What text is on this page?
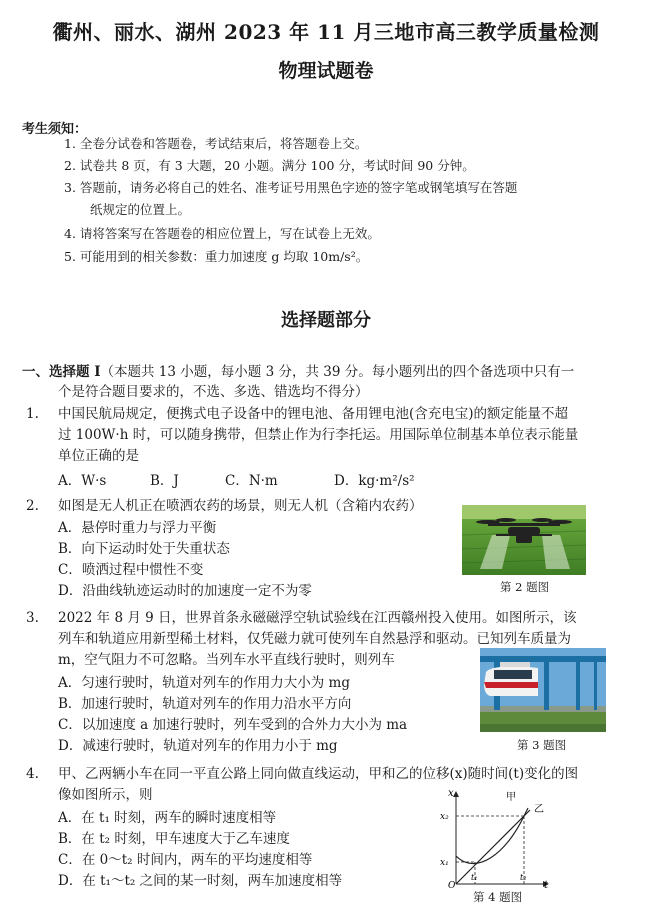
衢州、丽水、湖州 2023 年 11 月三地市高三教学质量检测
物理试题卷
考生须知：
1. 全卷分试卷和答题卷，考试结束后，将答题卷上交。
2. 试卷共 8 页，有 3 大题，20 小题。满分 100 分，考试时间 90 分钟。
3. 答题前，请务必将自己的姓名、准考证号用黑色字迹的签字笔或钢笔填写在答题
纸规定的位置上。
4. 请将答案写在答题卷的相应位置上，写在试卷上无效。
5. 可能用到的相关参数：重力加速度 g 均取 10m/s²。
选择题部分
一、选择题 I（本题共 13 小题，每小题 3 分，共 39 分。每小题列出的四个备选项中只有一
个是符合题目要求的，不选、多选、错选均不得分）
1. 中国民航局规定，便携式电子设备中的锂电池、备用锂电池(含充电宝)的额定能量不超
过 100W·h 时，可以随身携带，但禁止作为行李托运。用国际单位制基本单位表示能量
单位正确的是
A．W·s	B．J	C．N·m	D．kg·m²/s²
2. 如图是无人机正在喷洒农药的场景，则无人机（含箱内农药）
A．悬停时重力与浮力平衡
B．向下运动时处于失重状态
C．喷洒过程中惯性不变
D．沿曲线轨迹运动时的加速度一定不为零	第 2 题图
3. 2022 年 8 月 9 日，世界首条永磁磁浮空轨试验线在江西赣州投入使用。如图所示，该
列车和轨道应用新型稀土材料，仅凭磁力就可使列车自然悬浮和驱动。已知列车质量为
m，空气阻力不可忽略。当列车水平直线行驶时，则列车
A．匀速行驶时，轨道对列车的作用力大小为 mg
B．加速行驶时，轨道对列车的作用力沿水平方向
C．以加速度 a 加速行驶时，列车受到的合外力大小为 ma
D．减速行驶时，轨道对列车的作用力小于 mg	第 3 题图
4. 甲、乙两辆小车在同一平直公路上同向做直线运动，甲和乙的位移(x)随时间(t)变化的图
像如图所示，则
A．在 t₁ 时刻，两车的瞬时速度相等
B．在 t₂ 时刻，甲车速度大于乙车速度
C．在 0～t₂ 时间内，两车的平均速度相等
D．在 t₁～t₂ 之间的某一时刻，两车加速度相等
x
t
O
x₂
x₁
t₁	t₂
甲
乙
第 4 题图
